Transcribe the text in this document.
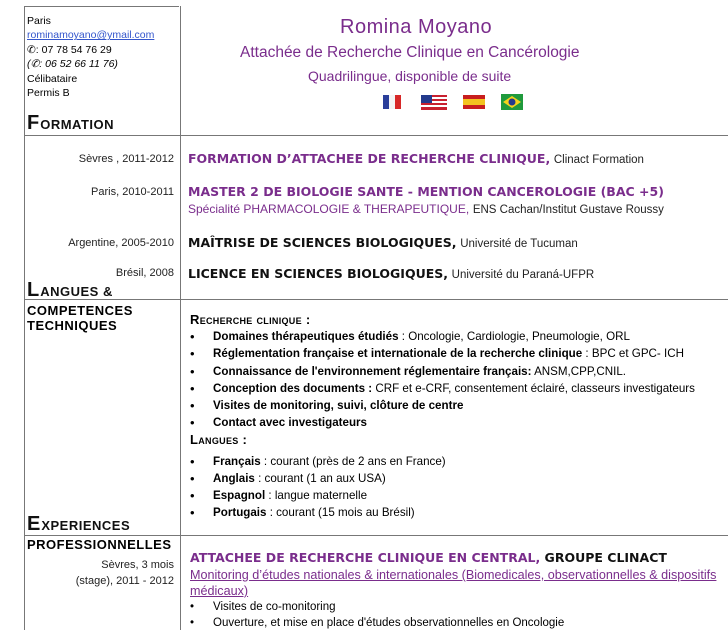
Paris
rominamoyano@ymail.com
✆: 07 78 54 76 29
(✆: 06 52 66 11 76)
Célibataire
Permis B
Romina Moyano
Attachée de Recherche Clinique en Cancérologie
Quadrilingue, disponible de suite
FORMATION
Sèvres , 2011-2012 FORMATION D’ATTACHEE DE RECHERCHE CLINIQUE, Clinact Formation
Paris, 2010-2011 MASTER 2 DE BIOLOGIE SANTE - MENTION CANCEROLOGIE (BAC +5)
Spécialité PHARMACOLOGIE & THERAPEUTIQUE, ENS Cachan/Institut Gustave Roussy
Argentine, 2005-2010 MAÎTRISE DE SCIENCES BIOLOGIQUES, Université de Tucuman
Brésil, 2008 LICENCE EN SCIENCES BIOLOGIQUES, Université du Paraná-UFPR
LANGUES &
COMPETENCES
TECHNIQUES	Recherche clinique :
• Domaines thérapeutiques étudiés : Oncologie, Cardiologie, Pneumologie, ORL
• Réglementation française et internationale de la recherche clinique : BPC et GPC- ICH
• Connaissance de l'environnement réglementaire français: ANSM,CPP,CNIL.
• Conception des documents : CRF et e-CRF, consentement éclairé, classeurs investigateurs
• Visites de monitoring, suivi, clôture de centre
• Contact avec investigateurs
Langues :
• Français : courant (près de 2 ans en France)
• Anglais : courant (1 an aux USA)
• Espagnol : langue maternelle
• Portugais : courant (15 mois au Brésil)
EXPERIENCES
PROFESSIONNELLES
Sèvres, 3 mois
(stage), 2011 - 2012
ATTACHEE DE RECHERCHE CLINIQUE EN CENTRAL, GROUPE CLINACT
Monitoring d’études nationales & internationales (Biomedicales, observationnelles & dispositifs médicaux)
• Visites de co-monitoring
• Ouverture, et mise en place d'études observationnelles en Oncologie
